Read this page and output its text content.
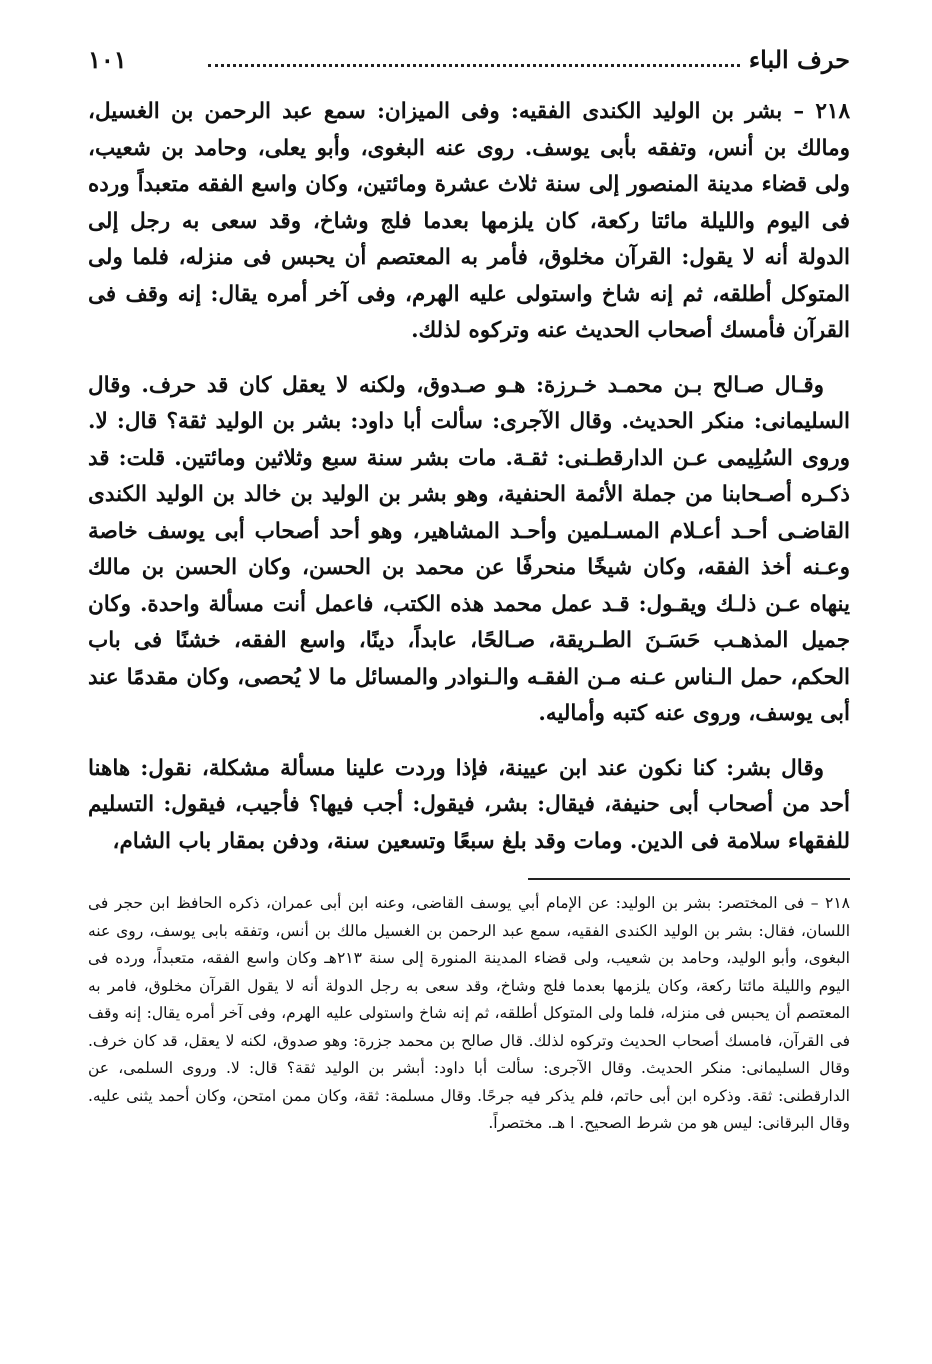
حرف الباء
١٠١

٢١٨ – بشر بن الوليد الكندى الفقيه: وفى الميزان: سمع عبد الرحمن بن الغسيل، ومالك بن أنس، وتفقه بأبى يوسف. روى عنه البغوى، وأبو يعلى، وحامد بن شعيب، ولى قضاء مدينة المنصور إلى سنة ثلاث عشرة ومائتين، وكان واسع الفقه متعبداً ورده فى اليوم والليلة مائتا ركعة، كان يلزمها بعدما فلج وشاخ، وقد سعى به رجل إلى الدولة أنه لا يقول: القرآن مخلوق، فأمر به المعتصم أن يحبس فى منزله، فلما ولى المتوكل أطلقه، ثم إنه شاخ واستولى عليه الهرم، وفى آخر أمره يقال: إنه وقف فى القرآن فأمسك أصحاب الحديث عنه وتركوه لذلك.

وقـال صـالح بـن محمـد خـرزة: هـو صـدوق، ولكنه لا يعقل كان قد حرف. وقال السليمانى: منكر الحديث. وقال الآجرى: سألت أبا داود: بشر بن الوليد ثقة؟ قال: لا. وروى السُلِيمى عـن الدارقطـنى: ثقـة. مات بشر سنة سبع وثلاثين ومائتين. قلت: قد ذكـره أصـحابنا من جملة الأئمة الحنفية، وهو بشر بن الوليد بن خالد بن الوليد الكندى القاضـى أحـد أعـلام المسـلمين وأحـد المشاهير، وهو أحد أصحاب أبى يوسف خاصة وعـنه أخذ الفقه، وكان شيخًا منحرفًا عن محمد بن الحسن، وكان الحسن بن مالك ينهاه عـن ذلـك ويقـول: قـد عمل محمد هذه الكتب، فاعمل أنت مسألة واحدة. وكان جميل المذهـب حَسَـنَ الطـريقة، صـالحًا، عابداً، دينًا، واسع الفقه، خشنًا فى باب الحكم، حمل الـناس عـنه مـن الفقـه والـنوادر والمسائل ما لا يُحصى، وكان مقدمًا عند أبى يوسف، وروى عنه كتبه وأماليه.

وقال بشر: كنا نكون عند ابن عيينة، فإذا وردت علينا مسألة مشكلة، نقول: هاهنا أحد من أصحاب أبى حنيفة، فيقال: بشر، فيقول: أجب فيها؟ فأجيب، فيقول: التسليم للفقهاء سلامة فى الدين. ومات وقد بلغ سبعًا وتسعين سنة، ودفن بمقار باب الشام،

٢١٨ – فى المختصر: بشر بن الوليد: عن الإمام أبي يوسف القاضى، وعنه ابن أبى عمران، ذكره الحافظ ابن حجر فى اللسان، فقال: بشر بن الوليد الكندى الفقيه، سمع عبد الرحمن بن الغسيل مالك بن أنس، وتفقه بابى يوسف، روى عنه البغوى، وأبو الوليد، وحامد بن شعيب، ولى قضاء المدينة المنورة إلى سنة ٢١٣هـ وكان واسع الفقه، متعبداً، ورده فى اليوم والليلة مائتا ركعة، وكان يلزمها بعدما فلج وشاخ، وقد سعى به رجل الدولة أنه لا يقول القرآن مخلوق، فامر به المعتصم أن يحبس فى منزله، فلما ولى المتوكل أطلقه، ثم إنه شاخ واستولى عليه الهرم، وفى آخر أمره يقال: إنه وقف فى القرآن، فامسك أصحاب الحديث وتركوه لذلك. قال صالح بن محمد جزرة: وهو صدوق، لكنه لا يعقل، قد كان خرف. وقال السليمانى: منكر الحديث. وقال الآجرى: سألت أبا داود: أبشر بن الوليد ثقة؟ قال: لا. وروى السلمى، عن الدارقطنى: ثقة. وذكره ابن أبى حاتم، فلم يذكر فيه جرحًا. وقال مسلمة: ثقة، وكان ممن امتحن، وكان أحمد يثنى عليه. وقال البرقانى: ليس هو من شرط الصحيح. ا هـ. مختصراً.
